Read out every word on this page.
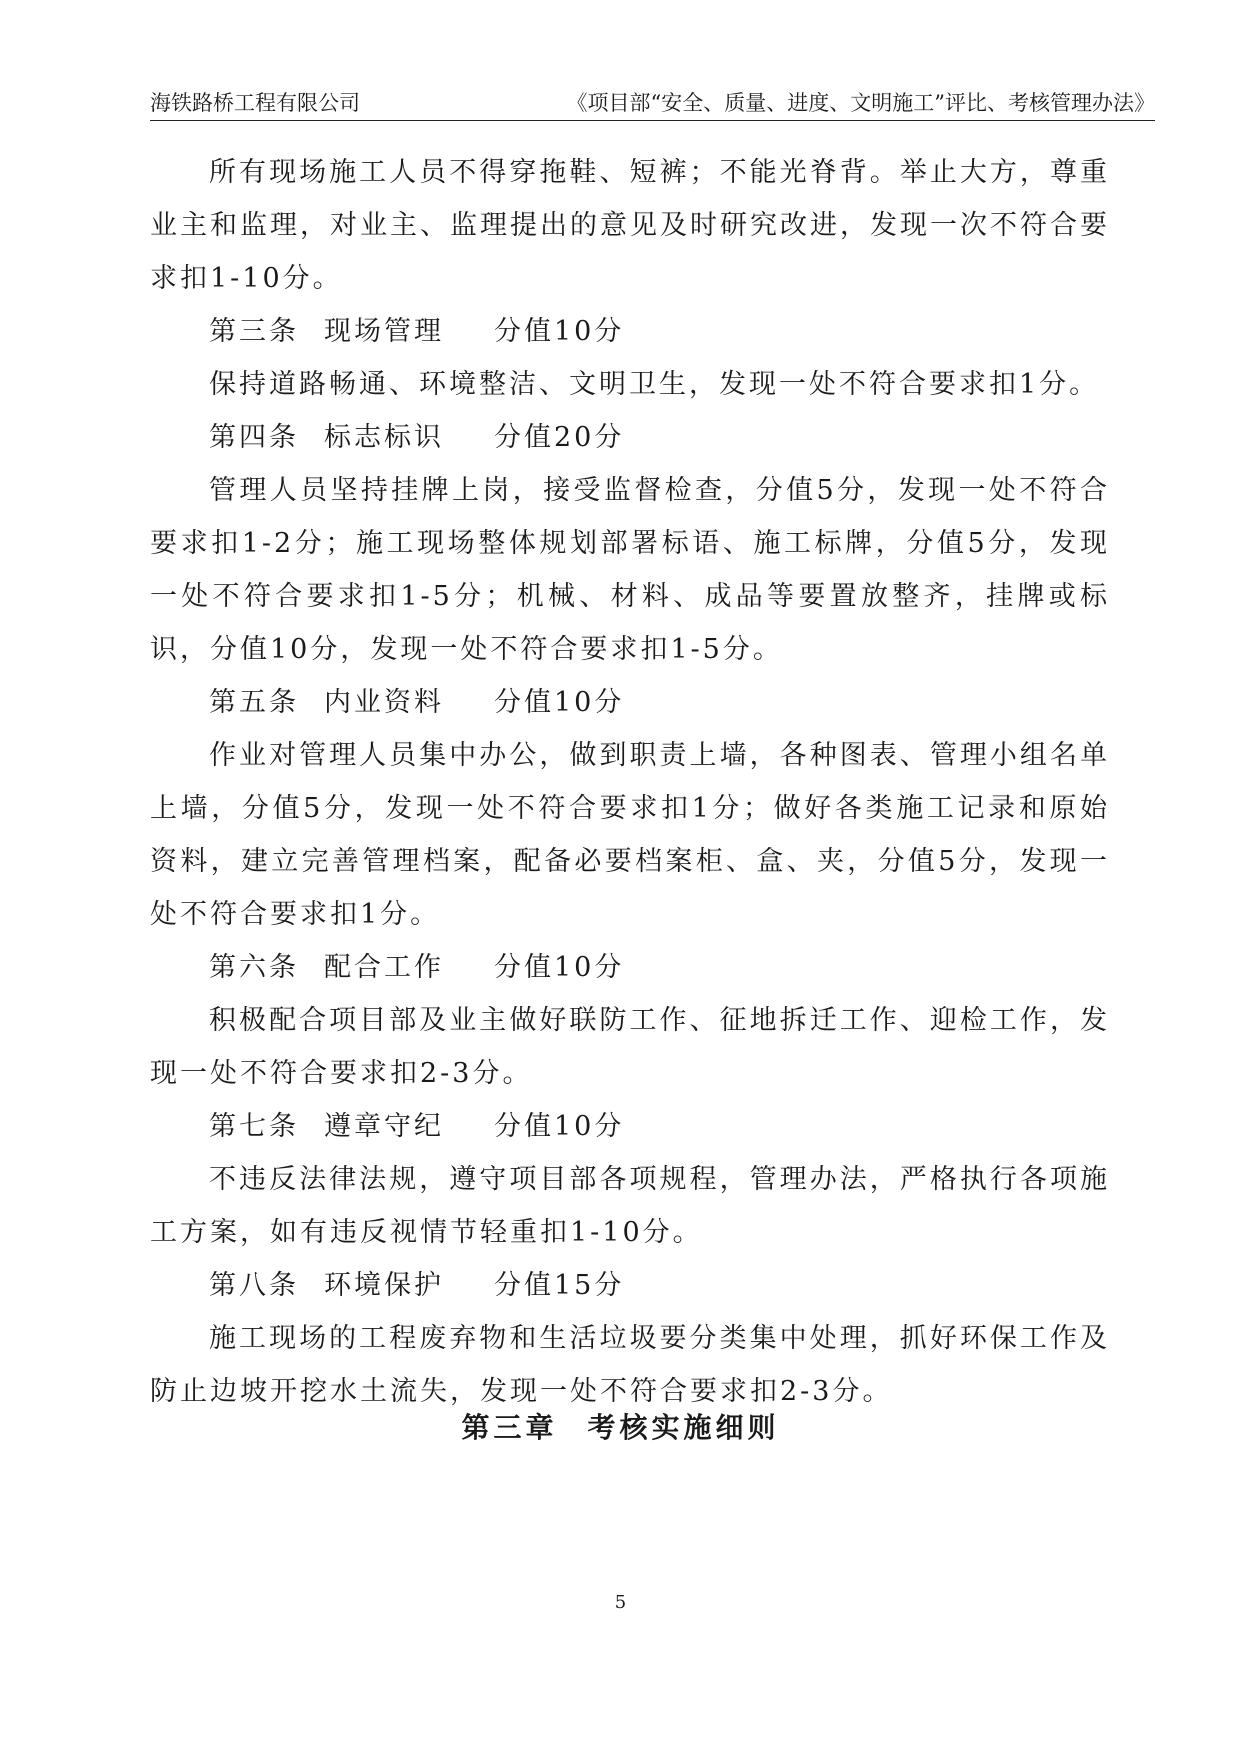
海铁路桥工程有限公司	《项目部“安全、质量、进度、文明施工”评比、考核管理办法》

所有现场施工人员不得穿拖鞋、短裤；不能光脊背。举止大方，尊重业主和监理，对业主、监理提出的意见及时研究改进，发现一次不符合要求扣1-10分。

第三条 现场管理 分值10分

保持道路畅通、环境整洁、文明卫生，发现一处不符合要求扣1分。

第四条 标志标识 分值20分

管理人员坚持挂牌上岗，接受监督检查，分值5分，发现一处不符合要求扣1-2分；施工现场整体规划部署标语、施工标牌，分值5分，发现一处不符合要求扣1-5分；机械、材料、成品等要置放整齐，挂牌或标识，分值10分，发现一处不符合要求扣1-5分。

第五条 内业资料 分值10分

作业对管理人员集中办公，做到职责上墙，各种图表、管理小组名单上墙，分值5分，发现一处不符合要求扣1分；做好各类施工记录和原始资料，建立完善管理档案，配备必要档案柜、盒、夹，分值5分，发现一处不符合要求扣1分。

第六条 配合工作 分值10分

积极配合项目部及业主做好联防工作、征地拆迁工作、迎检工作，发现一处不符合要求扣2-3分。

第七条 遵章守纪 分值10分

不违反法律法规，遵守项目部各项规程，管理办法，严格执行各项施工方案，如有违反视情节轻重扣1-10分。

第八条 环境保护 分值15分

施工现场的工程废弃物和生活垃圾要分类集中处理，抓好环保工作及防止边坡开挖水土流失，发现一处不符合要求扣2-3分。

第三章 考核实施细则
5
